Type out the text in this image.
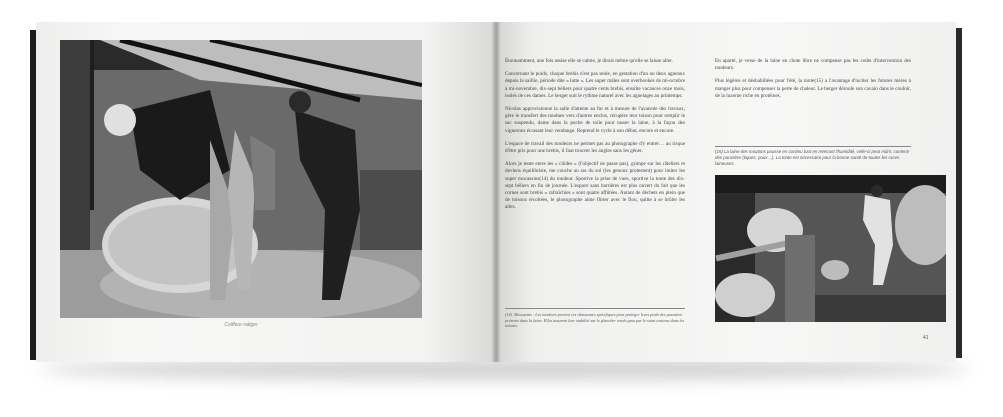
Coiffeur-ratiger

Étonnamment, une fois assise elle se calme, je dirais même qu'elle se laisse aller.

Concernant le poids, chaque brebis n'est pas seule, en gestation d'un ou deux agneaux depuis la saillie, période dite « lutte ». Les super mâles sont overbookés de mi-octobre à mi-novembre, dix-sept béliers pour quatre cents brebis, ensuite vacances onze mois, isolés de ces dames. Le berger suit le rythme naturel avec les agnelages au printemps.

Nicolas approvisionne la salle d'attente au fur et à mesure de l'avancée des travaux, gère le transfert des tondues vers d'autres enclos, récupère leur toison pour remplir le sac suspendu, dame dans la poche de toile pour tasser la laine, à la façon des vignerons écrasant leur vendange. Reprend le cycle à son début, encore et encore.

L'espace de travail des tondeurs ne permet pas au photographe d'y entrer… au risque d'être pris pour une brebis, il faut trouver les angles sans les gêner.

Alors je tente entre les « clôdes » (l'objectif ne passe pas), grimpe sur les râteliers et deviens équilibriste, me couche au ras du sol (les genoux protestent) pour imiter les super mocassins(14) du tondeur. Sportive la prise de vues, sportive la tonte des dix-sept béliers en fin de journée. L'espace sans barrières est plus ouvert du fait que les cornes sont brebis « rafraîchies » sont quatre affûtées. Autant de déchets en plein que de toisons récoltées, le photographe aime flirter avec le flou, quitte à se brûler les ailes.

(14). Mocassins : Les tondeurs portent ces chaussures spécifiques pour protéger leurs pieds des parasites présents dans la laine. Elles assurent leur stabilité sur le plancher rendu gras par le suint contenu dans les toisons.

En aparté, je verse de la laine en chute libre ne compense pas les coûts d'intervention des tondeurs.

Plus légères et déshabillées pour l'été, la tonte(15) a l'avantage d'inciter les futures mères à manger plus pour compenser la perte de chaleur. Le berger déroule son cavaio dans le couloir, de la luzerne riche en protéines.

(15) La laine des moutons pousse en continu tout en retenant l'humidité, celle-ci peut mûrir, contenir des parasites (tiques, poux…). La tonte est nécessaire pour la bonne santé de toutes les races laineuses.
41
